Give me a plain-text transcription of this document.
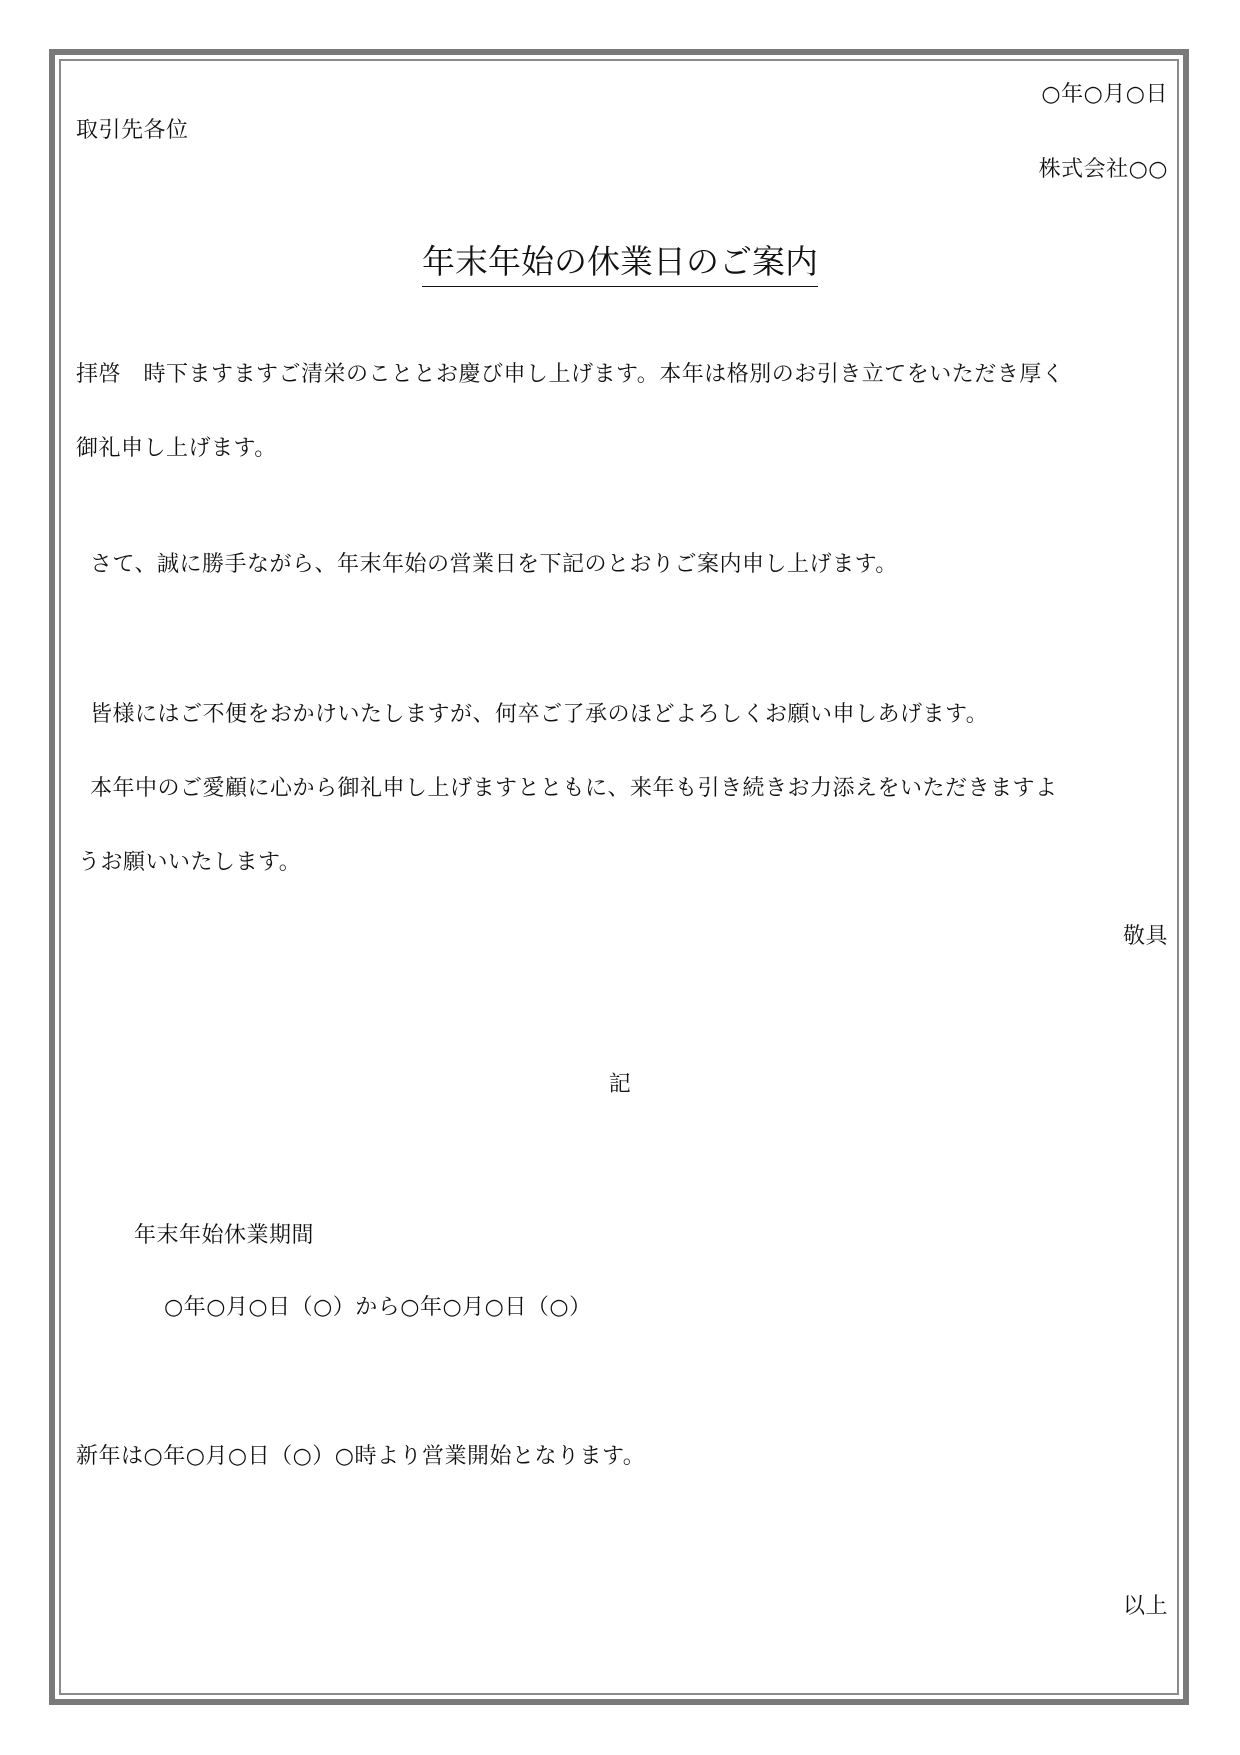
○年○月○日
取引先各位
株式会社○○
年末年始の休業日のご案内
拝啓　時下ますますご清栄のこととお慶び申し上げます。本年は格別のお引き立てをいただき厚く
御礼申し上げます。
さて、誠に勝手ながら、年末年始の営業日を下記のとおりご案内申し上げます。
皆様にはご不便をおかけいたしますが、何卒ご了承のほどよろしくお願い申しあげます。
本年中のご愛顧に心から御礼申し上げますとともに、来年も引き続きお力添えをいただきますよ
うお願いいたします。
敬具
記
年末年始休業期間
○年○月○日（○）から○年○月○日（○）
新年は○年○月○日（○）○時より営業開始となります。
以上
